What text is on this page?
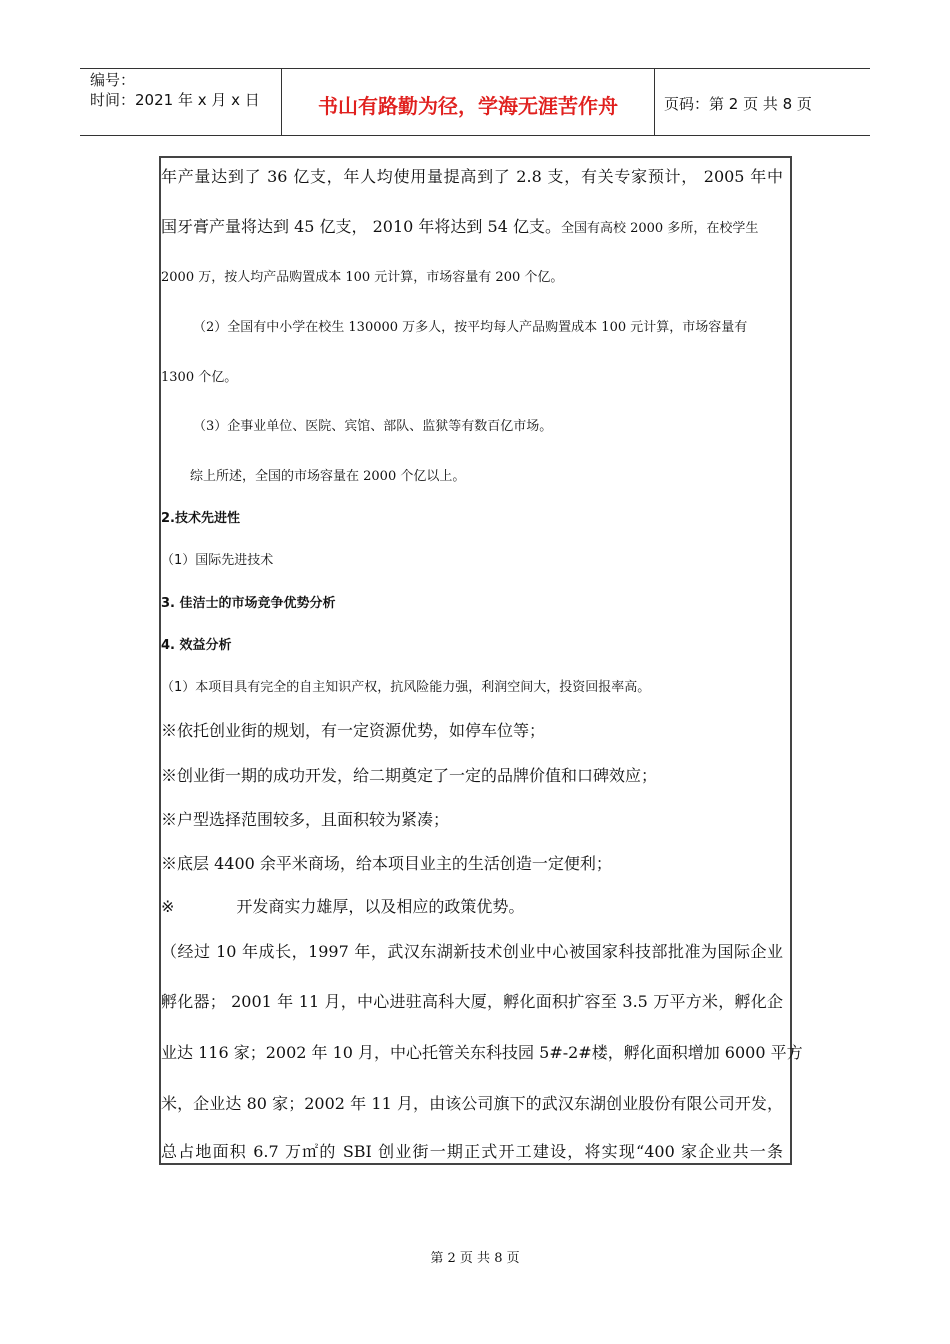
编号：
时间：2021 年 x 月 x 日	书山有路勤为径，学海无涯苦作舟	页码：第 2 页 共 8 页
年产量达到了 36 亿支，年人均使用量提高到了 2.8 支，有关专家预计， 2005 年中
国牙膏产量将达到 45 亿支， 2010 年将达到 54 亿支。全国有高校 2000 多所，在校学生
2000 万，按人均产品购置成本 100 元计算，市场容量有 200 个亿。
（2）全国有中小学在校生 130000 万多人，按平均每人产品购置成本 100 元计算，市场容量有
1300 个亿。
（3）企事业单位、医院、宾馆、部队、监狱等有数百亿市场。
综上所述，全国的市场容量在 2000 个亿以上。
2.技术先进性
（1）国际先进技术
3. 佳洁士的市场竞争优势分析
4. 效益分析
（1）本项目具有完全的自主知识产权，抗风险能力强，利润空间大，投资回报率高。
※依托创业街的规划，有一定资源优势，如停车位等；
※创业街一期的成功开发，给二期奠定了一定的品牌价值和口碑效应；
※户型选择范围较多，且面积较为紧凑；
※底层 4400 余平米商场，给本项目业主的生活创造一定便利；
※	开发商实力雄厚，以及相应的政策优势。
（经过 10 年成长，1997 年，武汉东湖新技术创业中心被国家科技部批准为国际企业
孵化器； 2001 年 11 月，中心进驻高科大厦，孵化面积扩容至 3.5 万平方米，孵化企
业达 116 家；2002 年 10 月，中心托管关东科技园 5#-2#楼，孵化面积增加 6000 平方
米，企业达 80 家；2002 年 11 月，由该公司旗下的武汉东湖创业股份有限公司开发，
总占地面积 6.7 万㎡的 SBI 创业街一期正式开工建设，将实现“400 家企业共一条
第 2 页 共 8 页
